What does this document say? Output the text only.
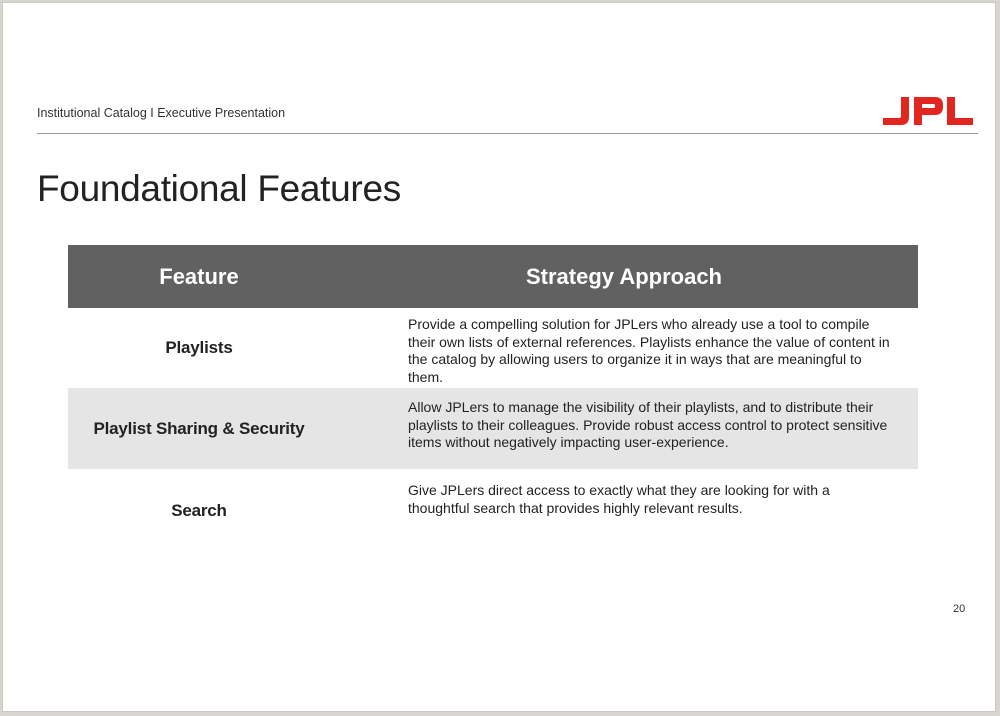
Institutional Catalog I Executive Presentation
Foundational Features
Feature	Strategy Approach
Playlists	Provide a compelling solution for JPLers who already use a tool to compile their own lists of external references. Playlists enhance the value of content in the catalog by allowing users to organize it in ways that are meaningful to them.
Playlist Sharing & Security	Allow JPLers to manage the visibility of their playlists, and to distribute their playlists to their colleagues. Provide robust access control to protect sensitive items without negatively impacting user-experience.
Search	Give JPLers direct access to exactly what they are looking for with a thoughtful search that provides highly relevant results.
20
